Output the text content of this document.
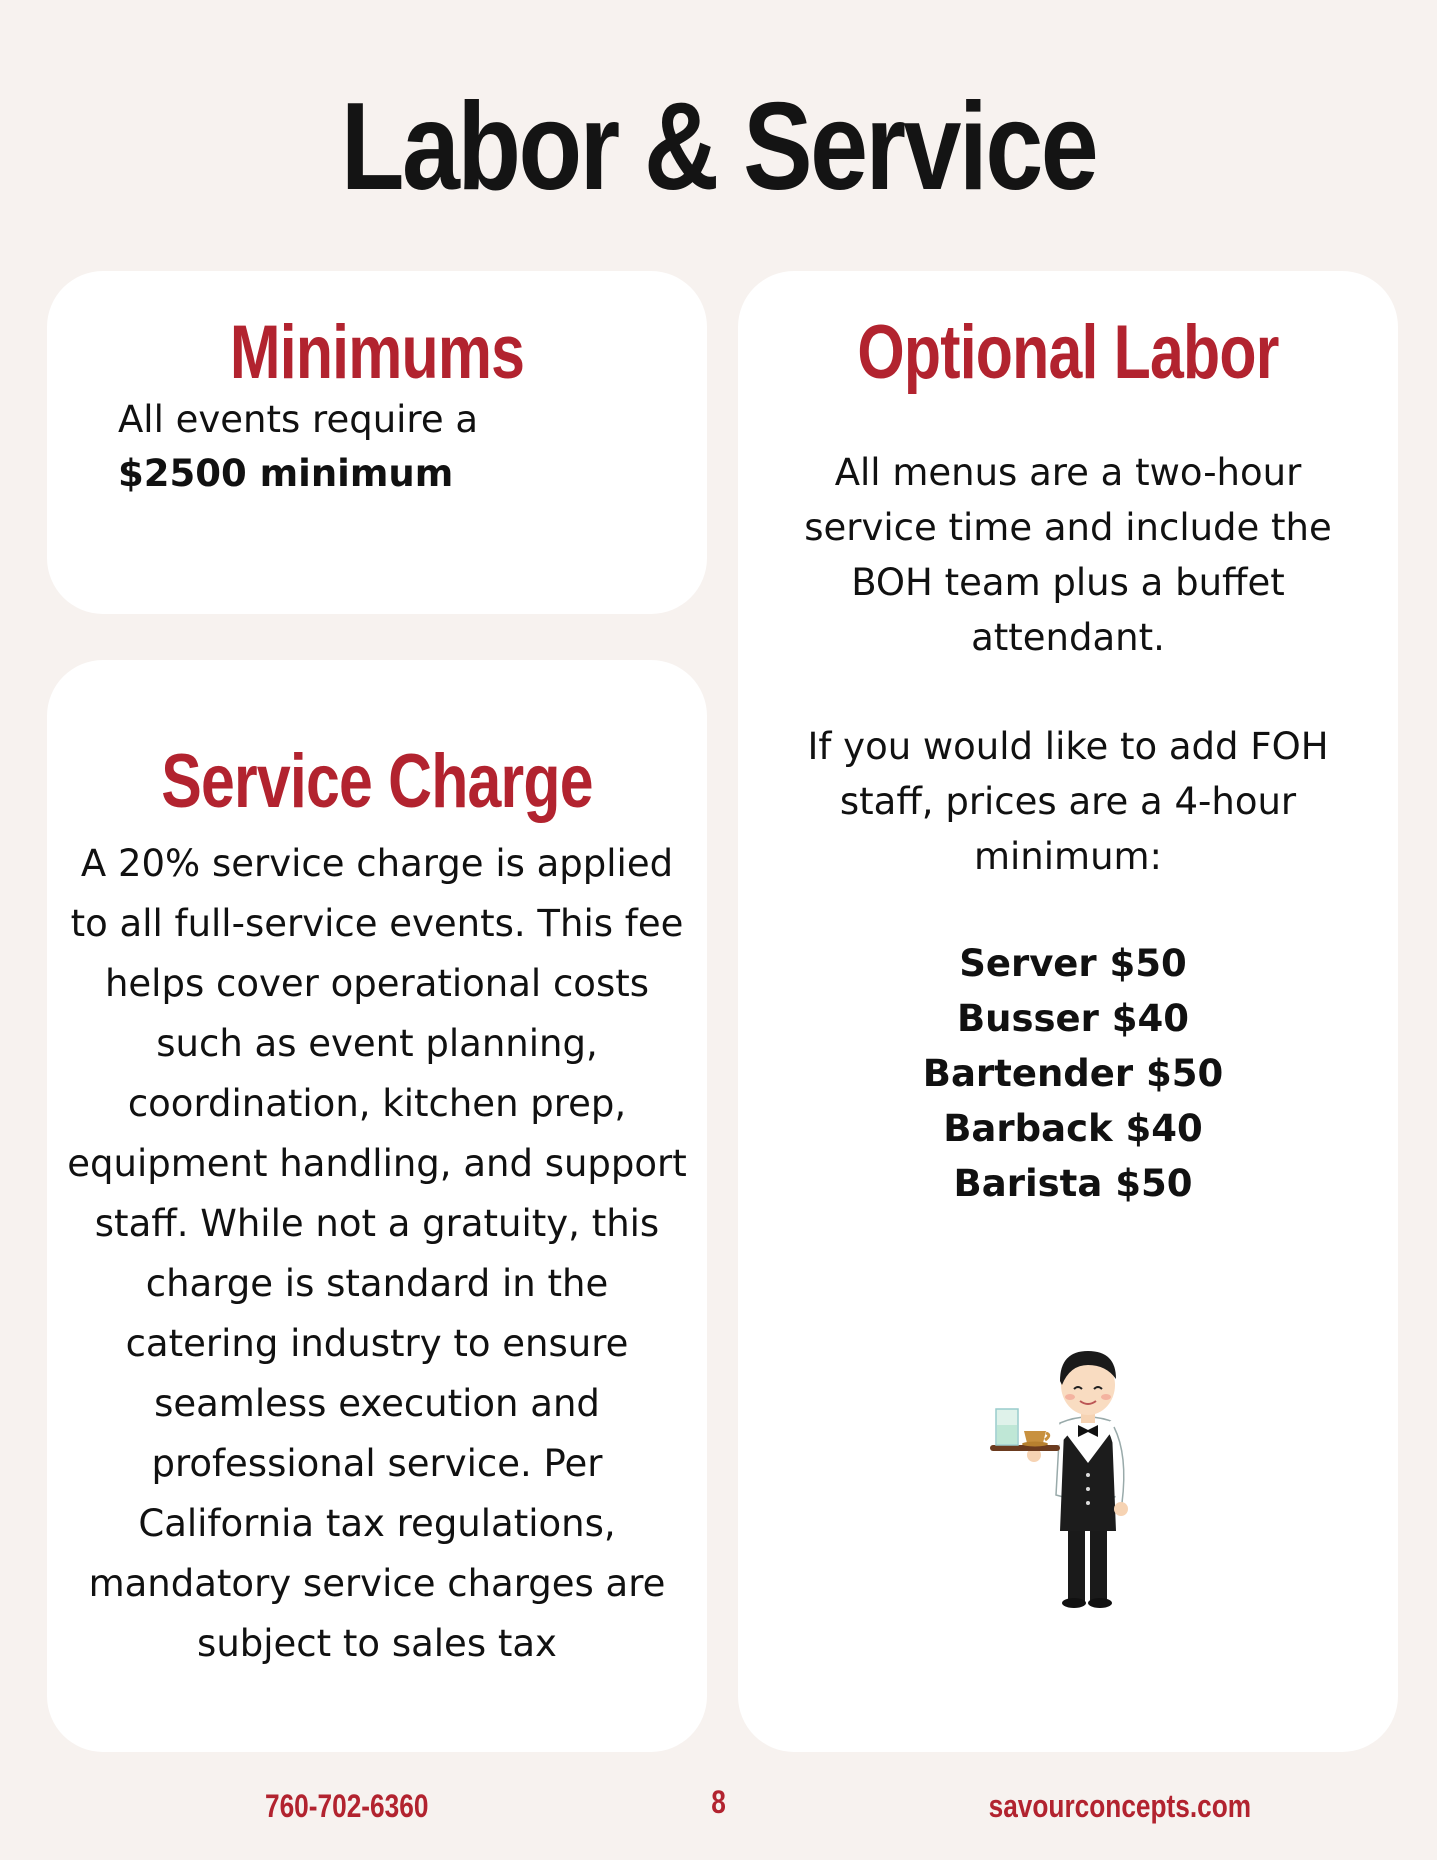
Labor & Service
Minimums

All events require a $2500 minimum

Service Charge

A 20% service charge is applied to all full-service events. This fee helps cover operational costs such as event planning, coordination, kitchen prep, equipment handling, and support staff. While not a gratuity, this charge is standard in the catering industry to ensure seamless execution and professional service. Per California tax regulations, mandatory service charges are subject to sales tax

Optional Labor

All menus are a two-hour service time and include the BOH team plus a buffet attendant.

If you would like to add FOH staff, prices are a 4-hour minimum:

Server $50
Busser $40
Bartender $50
Barback $40
Barista $50
760-702-6360	8	savourconcepts.com
